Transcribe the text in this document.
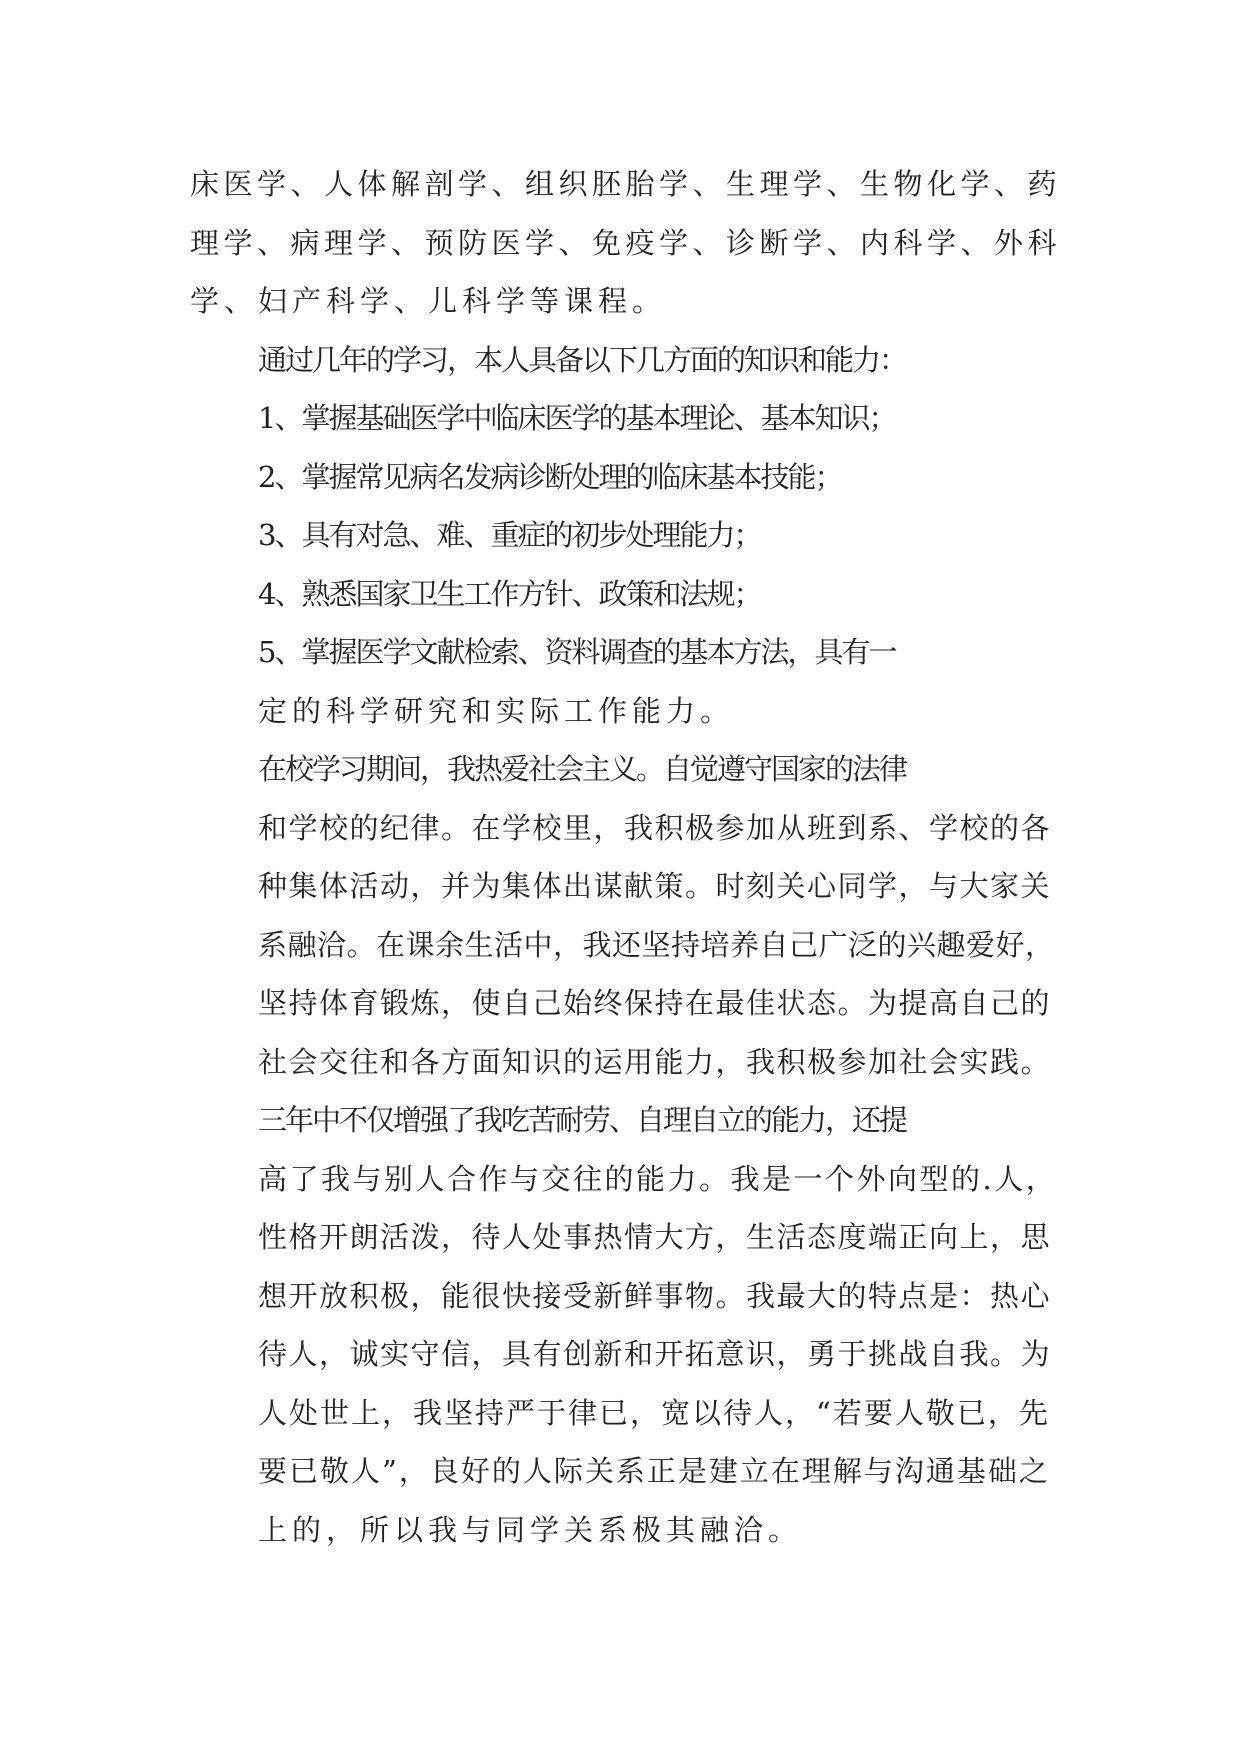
床医学、人体解剖学、组织胚胎学、生理学、生物化学、药
理学、病理学、预防医学、免疫学、诊断学、内科学、外科
学、妇产科学、儿科学等课程。
通过几年的学习，本人具备以下几方面的知识和能力：
1、掌握基础医学中临床医学的基本理论、基本知识；
2、掌握常见病名发病诊断处理的临床基本技能；
3、具有对急、难、重症的初步处理能力；
4、熟悉国家卫生工作方针、政策和法规；
5、掌握医学文献检索、资料调查的基本方法，具有一
定的科学研究和实际工作能力。
在校学习期间，我热爱社会主义。自觉遵守国家的法律
和学校的纪律。在学校里，我积极参加从班到系、学校的各
种集体活动，并为集体出谋献策。时刻关心同学，与大家关
系融洽。在课余生活中，我还坚持培养自己广泛的兴趣爱好，
坚持体育锻炼，使自己始终保持在最佳状态。为提高自己的
社会交往和各方面知识的运用能力，我积极参加社会实践。
三年中不仅增强了我吃苦耐劳、自理自立的能力，还提
高了我与别人合作与交往的能力。我是一个外向型的.人，
性格开朗活泼，待人处事热情大方，生活态度端正向上，思
想开放积极，能很快接受新鲜事物。我最大的特点是：热心
待人，诚实守信，具有创新和开拓意识，勇于挑战自我。为
人处世上，我坚持严于律已，宽以待人，“若要人敬已，先
要已敬人”，良好的人际关系正是建立在理解与沟通基础之
上的，所以我与同学关系极其融洽。
